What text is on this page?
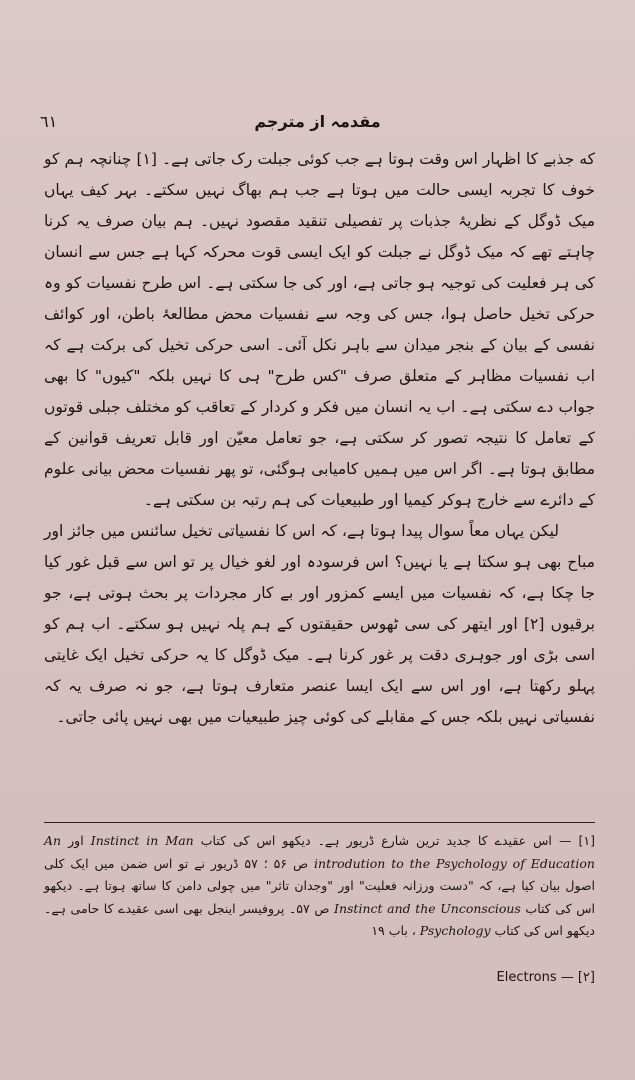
٦١	مقدمہ از مترجم

که جذبے کا اظہار اس وقت ہوتا ہے جب کوئی جبلت رک جاتی ہے۔ [۱] چنانچہ ہم کو خوف کا تجربہ ایسی حالت میں ہوتا ہے جب ہم بھاگ نہیں سکتے۔ بہر کیف یہاں میک ڈوگل کے نظریۂ جذبات پر تفصیلی تنقید مقصود نہیں۔ ہم بیان صرف یہ کرنا چاہتے تھے کہ میک ڈوگل نے جبلت کو ایک ایسی قوت محرکہ کہا ہے جس سے انسان کی ہر فعلیت کی توجیہ ہو جاتی ہے، اور کی جا سکتی ہے۔ اس طرح نفسیات کو وہ حرکی تخیل حاصل ہوا، جس کی وجہ سے نفسیات محض مطالعۂ باطن، اور کوائف نفسی کے بیان کے بنجر میدان سے باہر نکل آئی۔ اسی حرکی تخیل کی برکت ہے کہ اب نفسیات مظاہر کے متعلق صرف "کس طرح" ہی کا نہیں بلکہ "کیوں" کا بھی جواب دے سکتی ہے۔ اب یہ انسان میں فکر و کردار کے تعاقب کو مختلف جبلی قوتوں کے تعامل کا نتیجہ تصور کر سکتی ہے، جو تعامل معیّن اور قابل تعریف قوانین کے مطابق ہوتا ہے۔ اگر اس میں ہمیں کامیابی ہوگئی، تو پھر نفسیات محض بیانی علوم کے دائرے سے خارج ہوکر کیمیا اور طبیعیات کی ہم رتبہ بن سکتی ہے۔

لیکن یہاں معاً سوال پیدا ہوتا ہے، کہ اس کا نفسیاتی تخیل سائنس میں جائز اور مباح بھی ہو سکتا ہے یا نہیں؟ اس فرسودہ اور لغو خیال پر تو اس سے قبل غور کیا جا چکا ہے، کہ نفسیات میں ایسے کمزور اور بے کار مجردات پر بحث ہوتی ہے، جو برقیوں [۲] اور ایتھر کی سی ٹھوس حقیقتوں کے ہم پلہ نہیں ہو سکتے۔ اب ہم کو اسی بڑی اور جوہری دقت پر غور کرنا ہے۔ میک ڈوگل کا یہ حرکی تخیل ایک غایتی پہلو رکھتا ہے، اور اس سے ایک ایسا عنصر متعارف ہوتا ہے، جو نہ صرف یہ کہ نفسیاتی نہیں بلکہ جس کے مقابلے کی کوئی چیز طبیعیات میں بھی نہیں پائی جاتی۔

[۱] — اس عقیدے کا جدید ترین شارع ڈریور ہے۔ دیکھو اس کی کتاب Instinct in Man اور An introdution to the Psychology of Education ص ۵۶ ؛ ۵۷ ڈریور نے تو اس ضمن میں ایک کلی اصول بیان کیا ہے، کہ "دست ورزانہ فعلیت" اور "وجدان تاثر" میں چولی دامن کا ساتھ ہوتا ہے۔ دیکھو اس کی کتاب Instinct and the Unconscious ص ۵۷۔ پروفیسر اینجل بھی اسی عقیدے کا حامی ہے۔ دیکھو اس کی کتاب Psychology ، باب ۱۹

[۲] — Electrons
